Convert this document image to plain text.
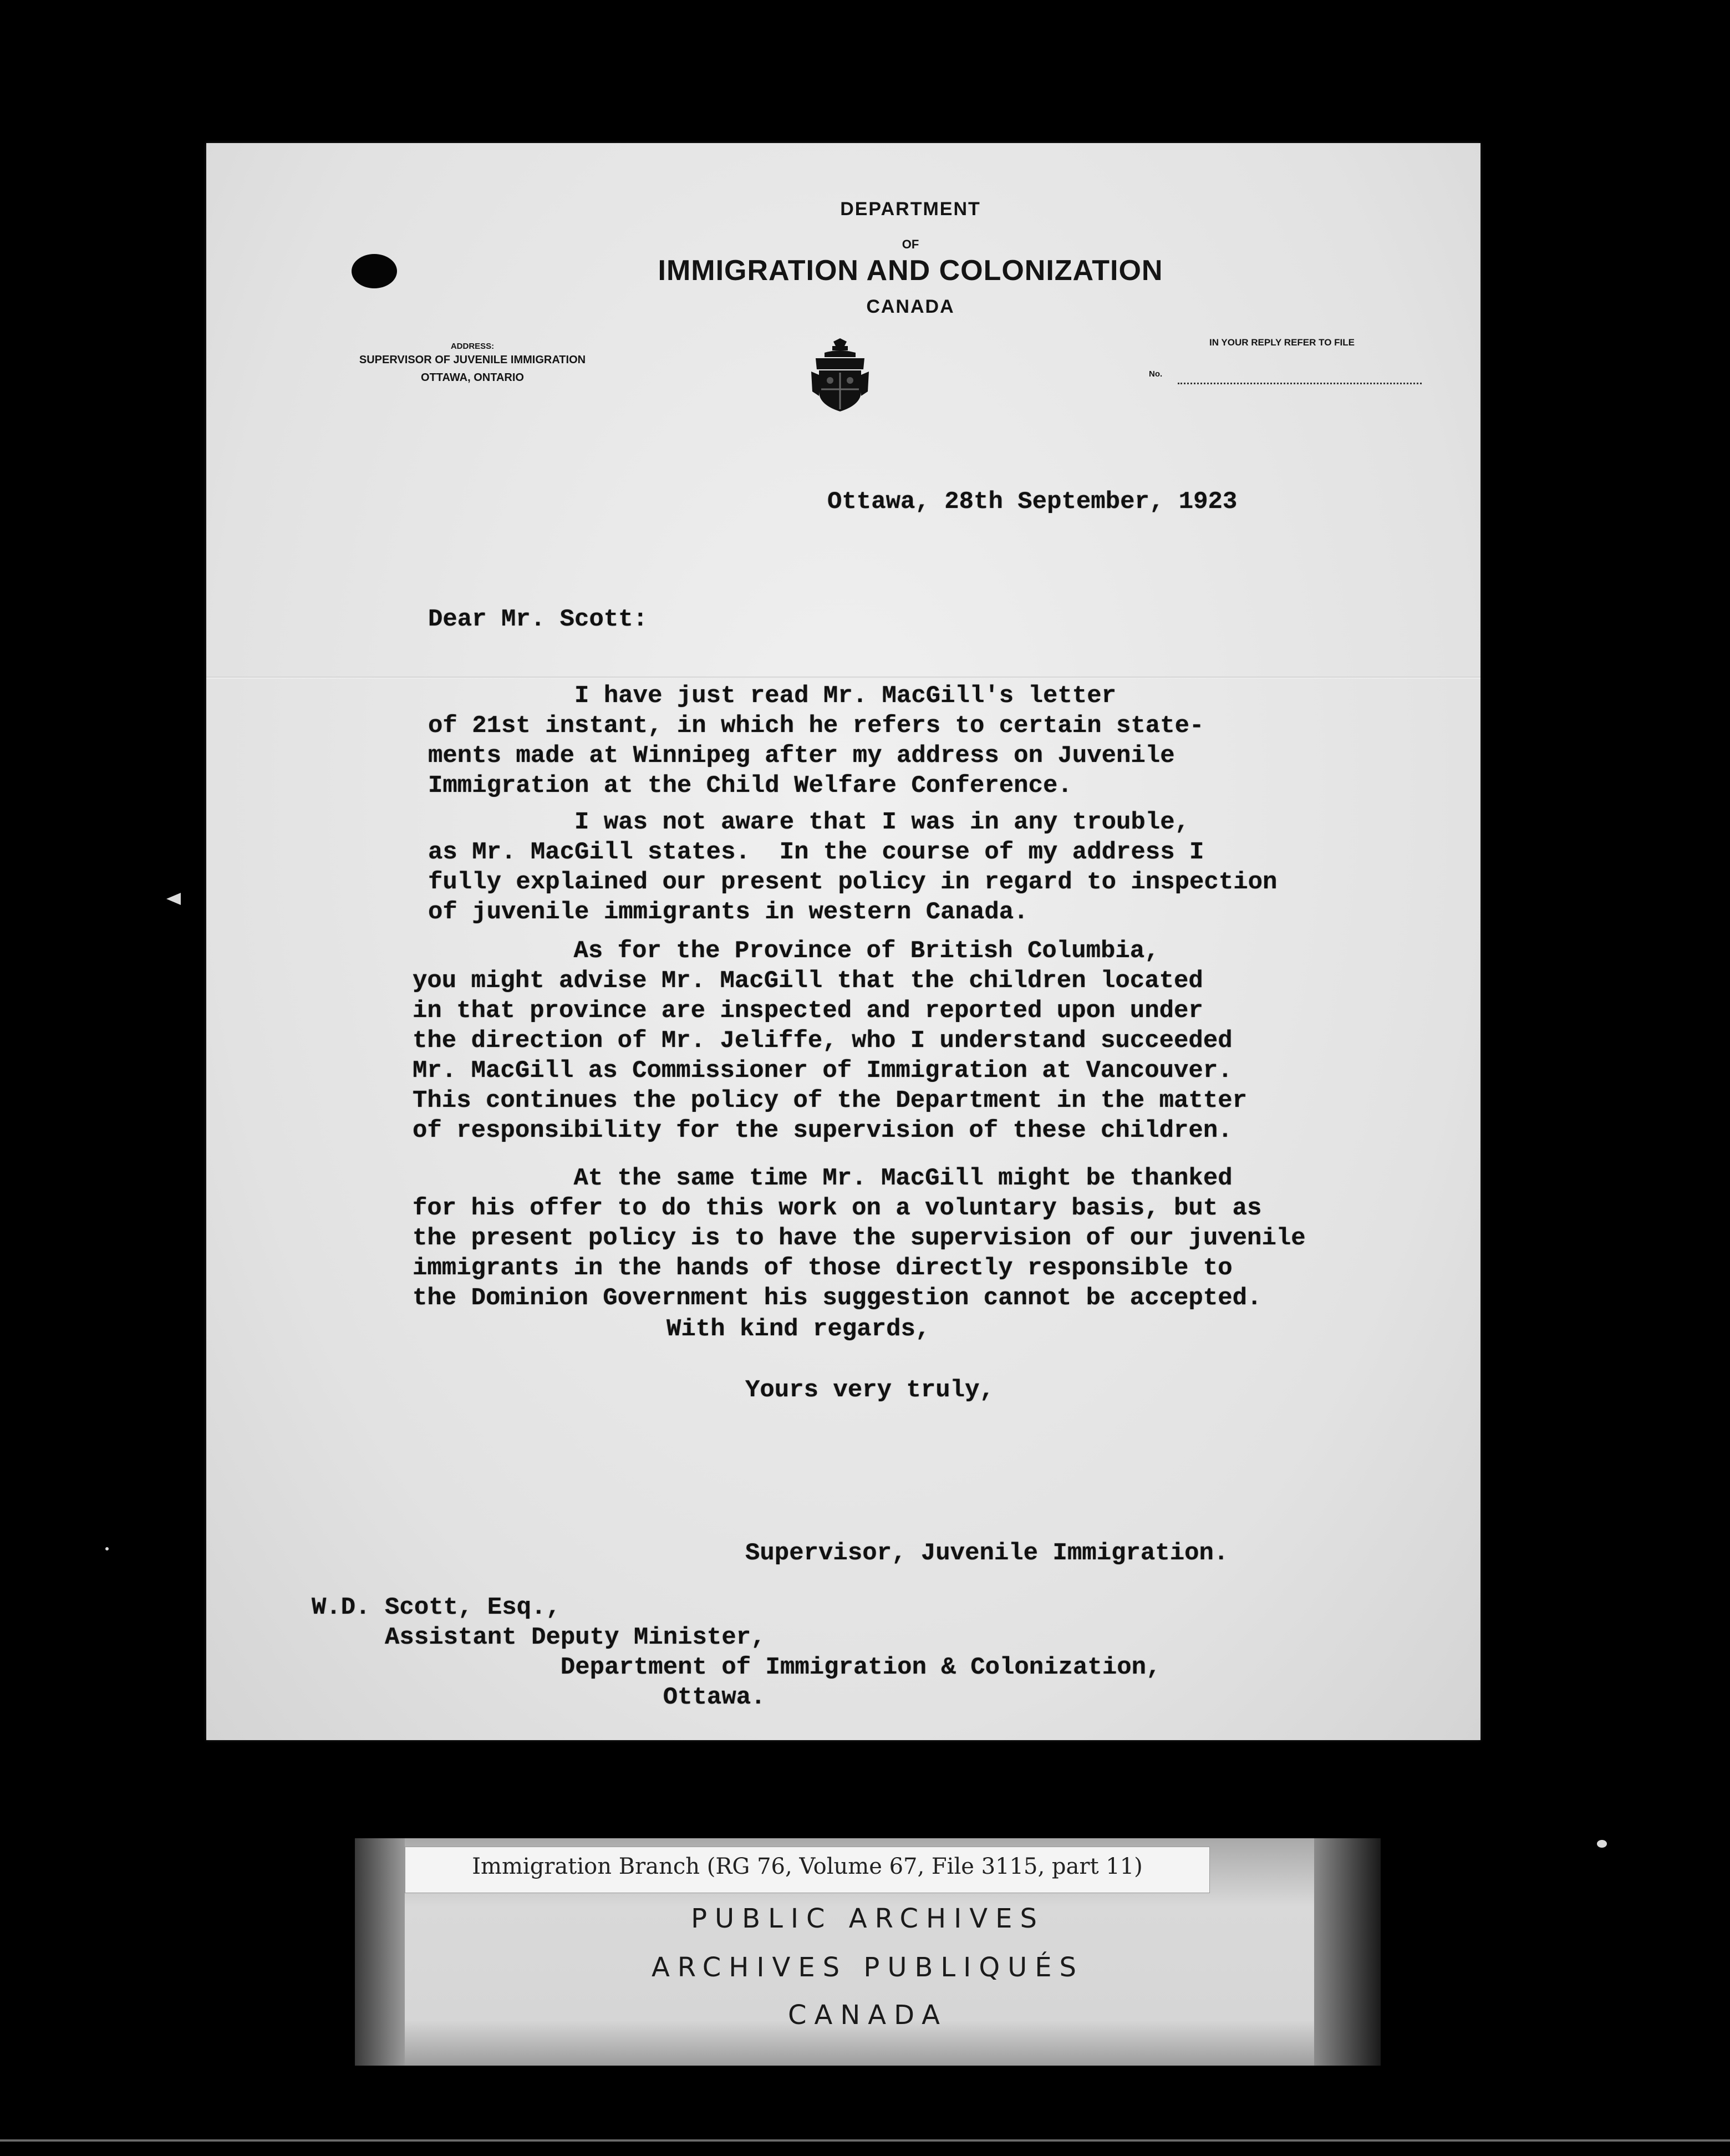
DEPARTMENT
OF
IMMIGRATION AND COLONIZATION
CANADA
ADDRESS:
SUPERVISOR OF JUVENILE IMMIGRATION
OTTAWA, ONTARIO
IN YOUR REPLY REFER TO FILE
No.
Ottawa, 28th September, 1923
Dear Mr. Scott:
I have just read Mr. MacGill's letter
of 21st instant, in which he refers to certain state-
ments made at Winnipeg after my address on Juvenile
Immigration at the Child Welfare Conference.
I was not aware that I was in any trouble,
as Mr. MacGill states.  In the course of my address I
fully explained our present policy in regard to inspection
of juvenile immigrants in western Canada.
As for the Province of British Columbia,
you might advise Mr. MacGill that the children located
in that province are inspected and reported upon under
the direction of Mr. Jeliffe, who I understand succeeded
Mr. MacGill as Commissioner of Immigration at Vancouver.
This continues the policy of the Department in the matter
of responsibility for the supervision of these children.
At the same time Mr. MacGill might be thanked
for his offer to do this work on a voluntary basis, but as
the present policy is to have the supervision of our juvenile
immigrants in the hands of those directly responsible to
the Dominion Government his suggestion cannot be accepted.
With kind regards,
Yours very truly,
Supervisor, Juvenile Immigration.
W.D. Scott, Esq.,
Assistant Deputy Minister,
Department of Immigration & Colonization,
Ottawa.
Immigration Branch (RG 76, Volume 67, File 3115, part 11)
PUBLIC ARCHIVES
ARCHIVES PUBLIQUÉS
CANADA
